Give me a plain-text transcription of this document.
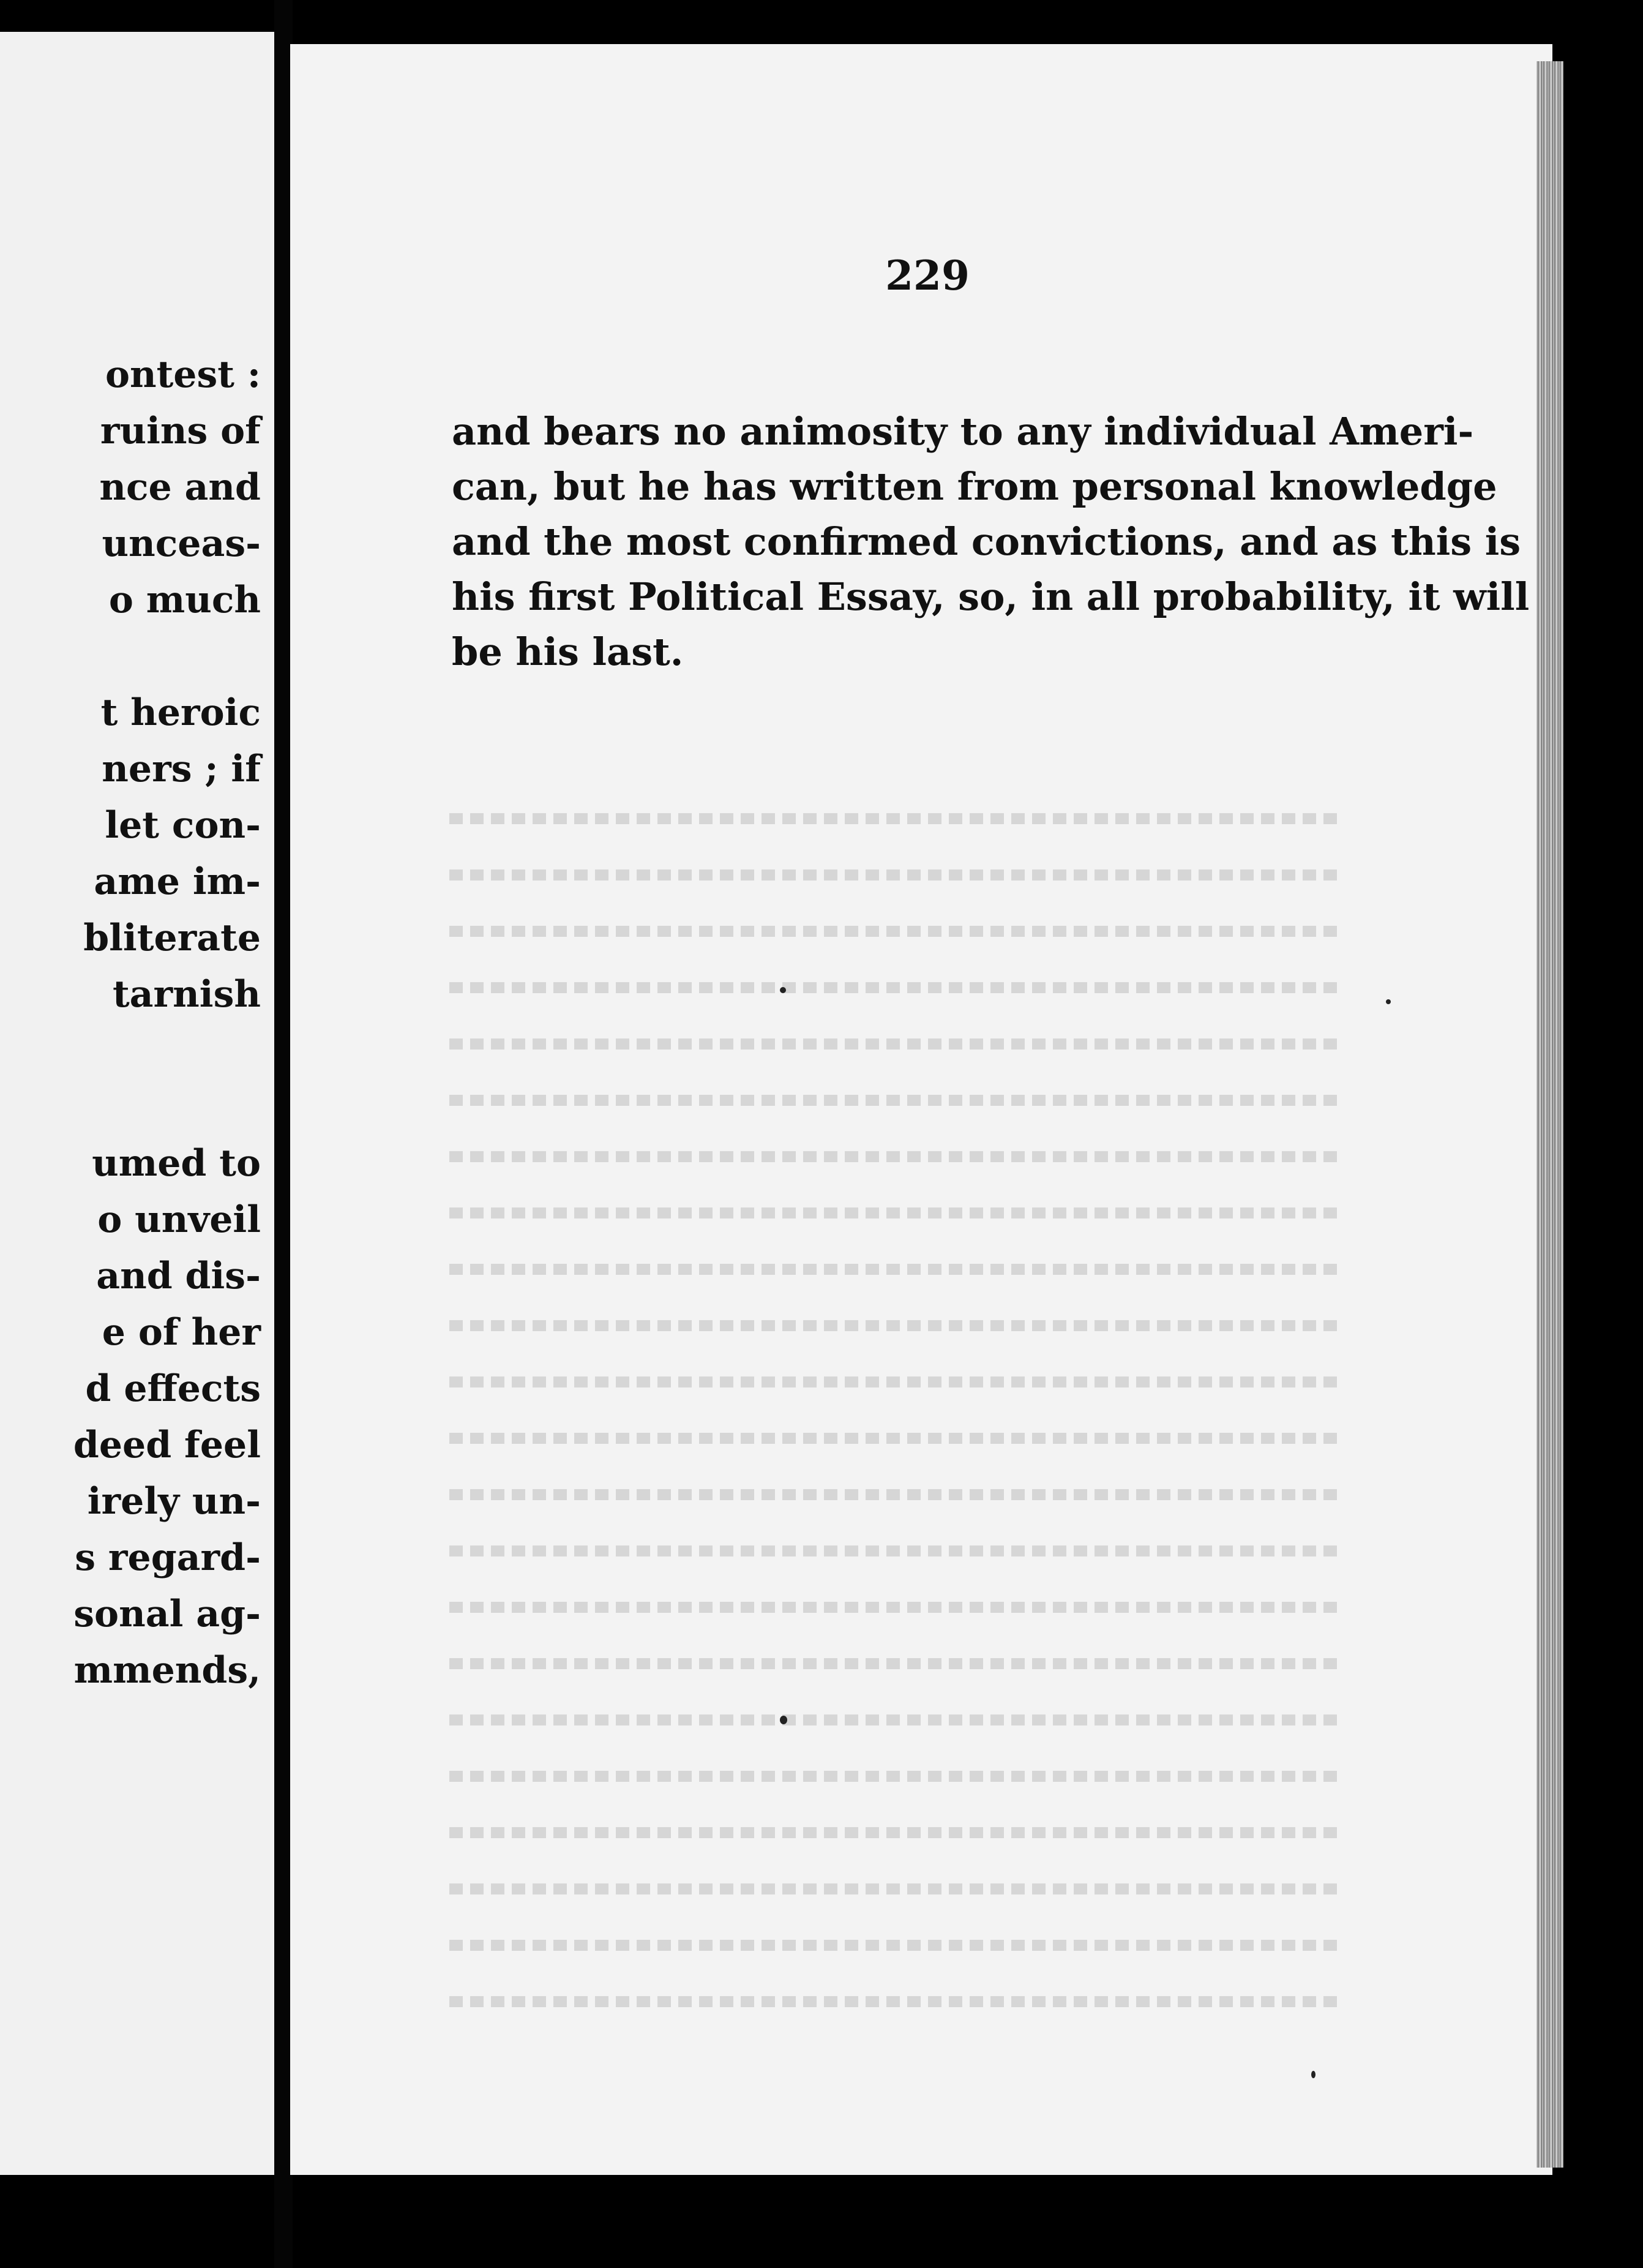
ontest :
ruins of
nce and
unceas-
o much
t heroic
ners ; if
let con-
ame im-
bliterate
tarnish
umed to
o unveil
and dis-
e of her
d effects
deed feel
irely un-
s regard-
sonal ag-
mmends,
229
and bears no animosity to any individual Ameri-
can, but he has written from personal knowledge
and the most confirmed convictions, and as this is
his first Political Essay, so, in all probability, it will
be his last.
